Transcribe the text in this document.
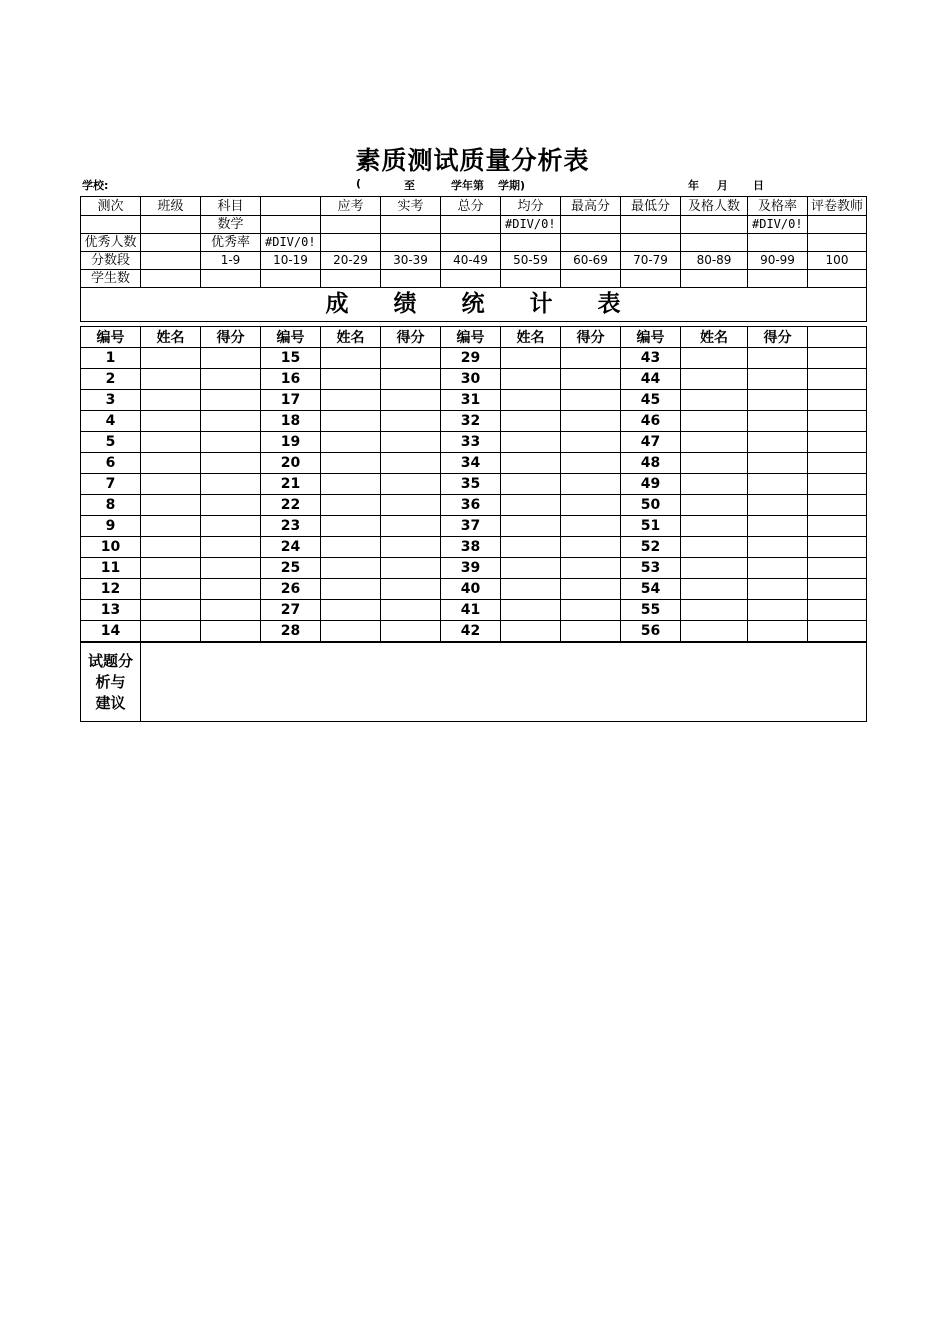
素质测试质量分析表
学校:	(	至	学年第 学期)	年 月 日
测次	班级	科目		应考	实考	总分	均分	最高分	最低分	及格人数	及格率	评卷教师
		数学					#DIV/0!				#DIV/0!	
优秀人数		优秀率	#DIV/0!									
分数段		1-9	10-19	20-29	30-39	40-49	50-59	60-69	70-79	80-89	90-99	100
学生数												
成 绩 统 计 表												
编号	姓名	得分	编号	姓名	得分	编号	姓名	得分	编号	姓名	得分	
1			15			29			43			
2			16			30			44			
3			17			31			45			
4			18			32			46			
5			19			33			47			
6			20			34			48			
7			21			35			49			
8			22			36			50			
9			23			37			51			
10			24			38			52			
11			25			39			53			
12			26			40			54			
13			27			41			55			
14			28			42			56			
试题分
析与
建议												
